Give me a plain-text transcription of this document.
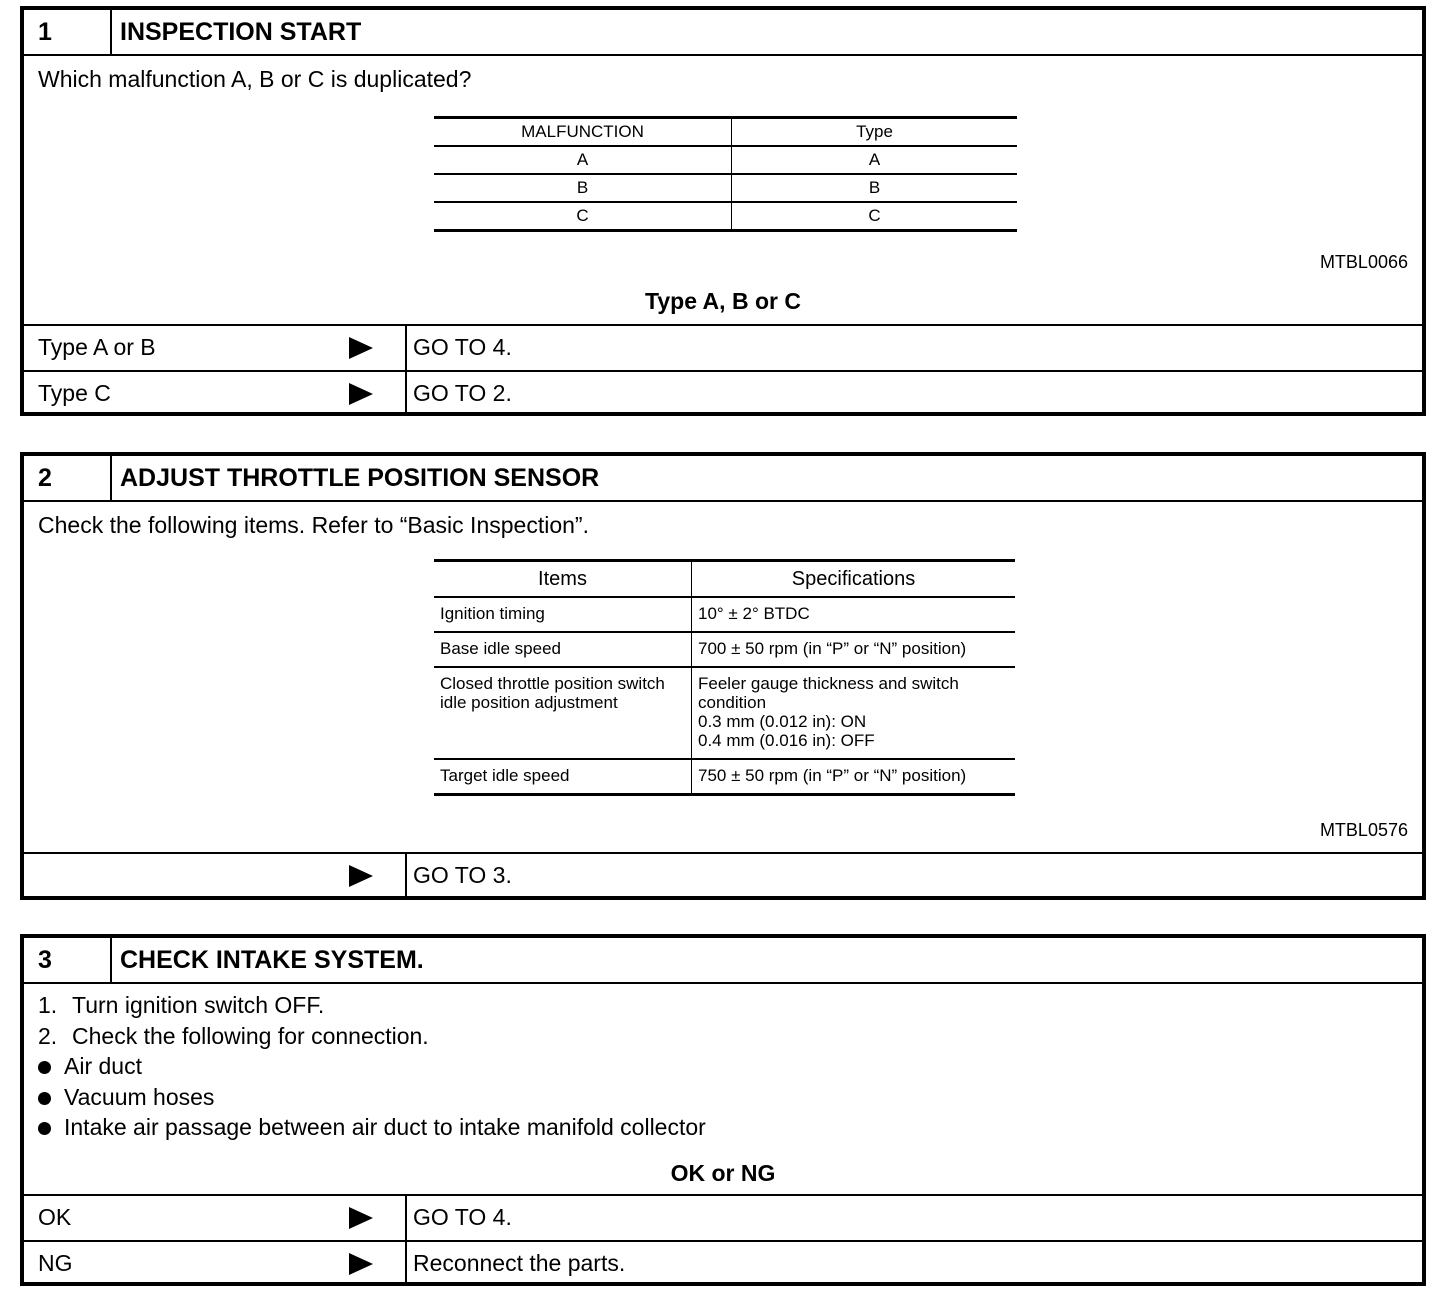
1	INSPECTION START
Which malfunction A, B or C is duplicated?
MALFUNCTION	Type
A	A
B	B
C	C
MTBL0066
Type A, B or C
Type A or B	GO TO 4.
Type C	GO TO 2.
2	ADJUST THROTTLE POSITION SENSOR
Check the following items. Refer to “Basic Inspection”.
Items	Specifications
Ignition timing	10° ± 2° BTDC
Base idle speed	700 ± 50 rpm (in “P” or “N” position)
Closed throttle position switch idle position adjustment	Feeler gauge thickness and switch condition
0.3 mm (0.012 in): ON
0.4 mm (0.016 in): OFF
Target idle speed	750 ± 50 rpm (in “P” or “N” position)
MTBL0576
GO TO 3.
3	CHECK INTAKE SYSTEM.
1. Turn ignition switch OFF.
2. Check the following for connection.
Air duct
Vacuum hoses
Intake air passage between air duct to intake manifold collector
OK or NG
OK	GO TO 4.
NG	Reconnect the parts.
